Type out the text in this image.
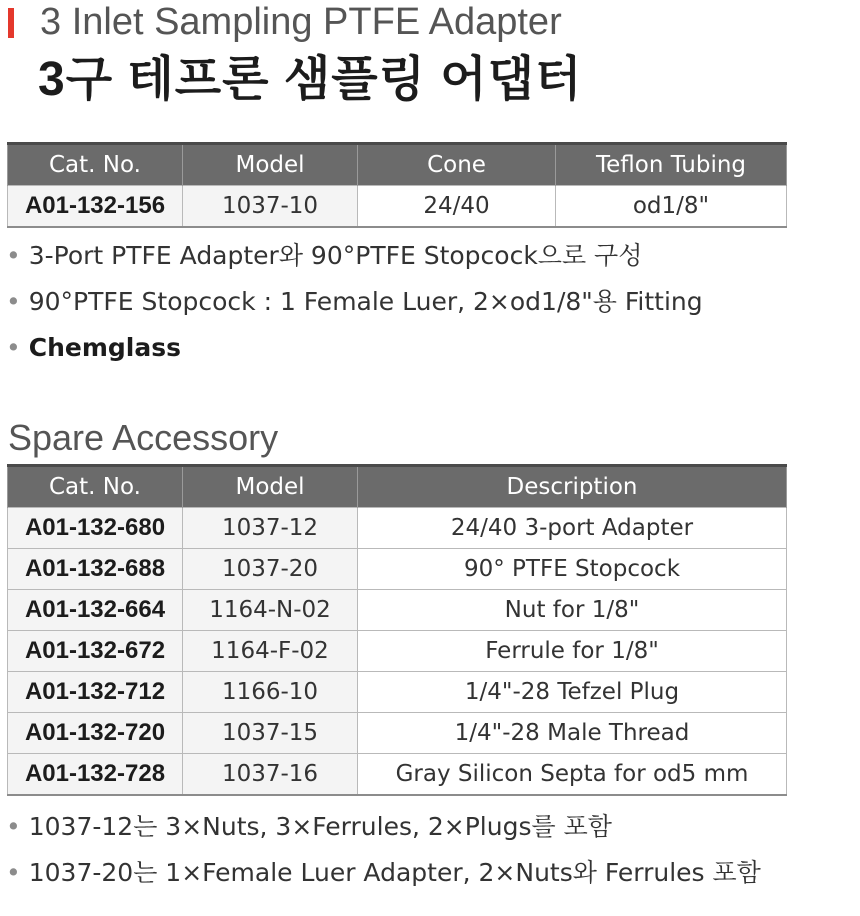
3 Inlet Sampling PTFE Adapter
3구 테프론 샘플링 어댑터
Cat. No.	Model	Cone	Teflon Tubing
A01-132-156	1037-10	24/40	od1/8"
• 3-Port PTFE Adapter와 90°PTFE Stopcock으로 구성
• 90°PTFE Stopcock : 1 Female Luer, 2×od1/8"용 Fitting
• Chemglass
Spare Accessory
Cat. No.	Model	Description
A01-132-680	1037-12	24/40 3-port Adapter
A01-132-688	1037-20	90° PTFE Stopcock
A01-132-664	1164-N-02	Nut for 1/8"
A01-132-672	1164-F-02	Ferrule for 1/8"
A01-132-712	1166-10	1/4"-28 Tefzel Plug
A01-132-720	1037-15	1/4"-28 Male Thread
A01-132-728	1037-16	Gray Silicon Septa for od5 mm
• 1037-12는 3×Nuts, 3×Ferrules, 2×Plugs를 포함
• 1037-20는 1×Female Luer Adapter, 2×Nuts와 Ferrules 포함
